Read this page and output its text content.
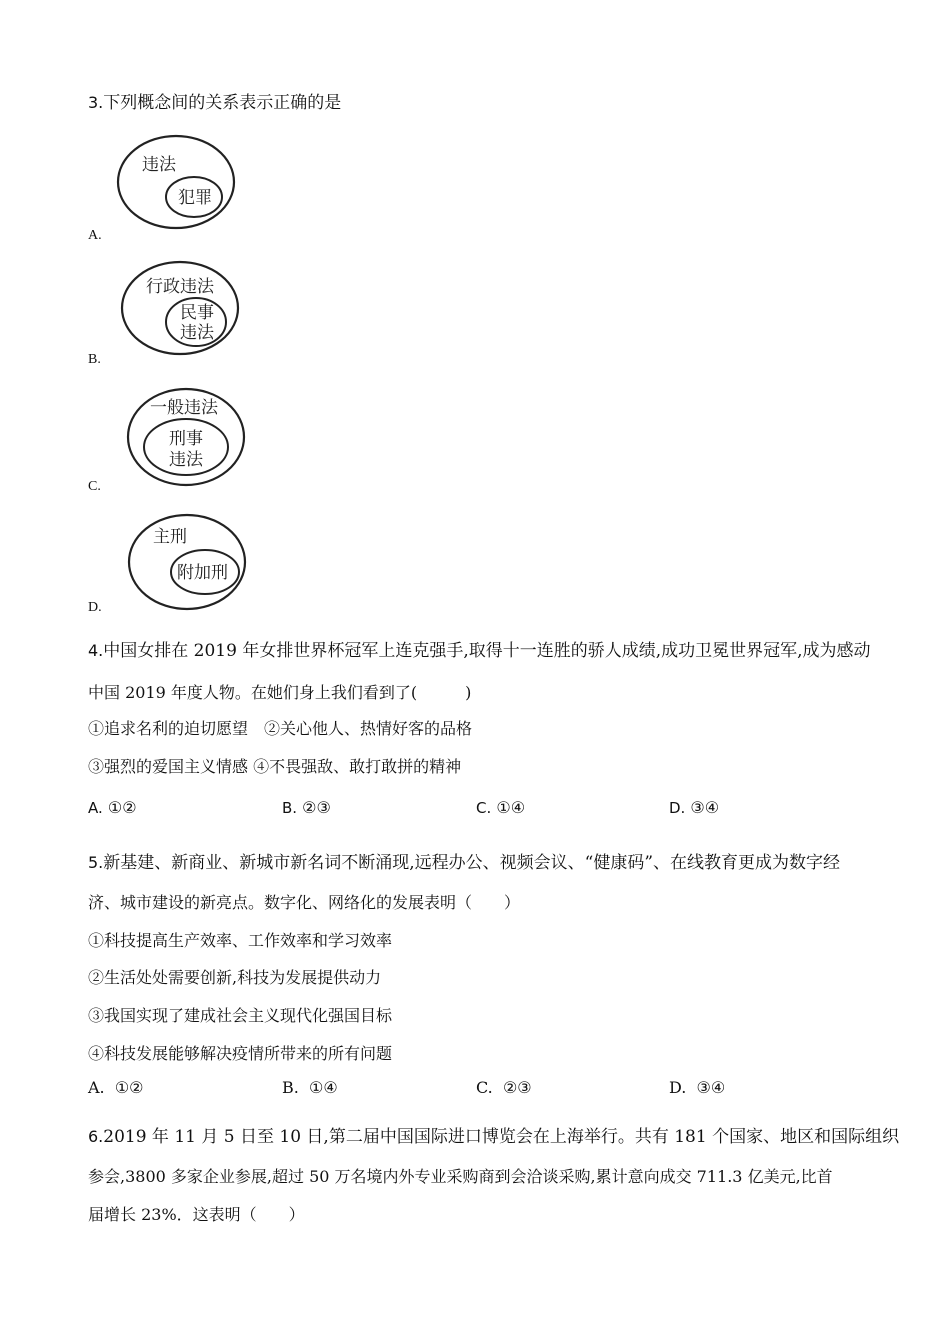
3.下列概念间的关系表示正确的是
违法
犯罪
A.
行政违法
民事
违法
B.
一般违法
刑事
违法
C.
主刑
附加刑
D.
4.中国女排在 2019 年女排世界杯冠军上连克强手,取得十一连胜的骄人成绩,成功卫冕世界冠军,成为感动
中国 2019 年度人物。在她们身上我们看到了(　　　)
①追求名利的迫切愿望　②关心他人、热情好客的品格
③强烈的爱国主义情感 ④不畏强敌、敢打敢拼的精神
A. ①②	B. ②③	C. ①④	D. ③④
5.新基建、新商业、新城市新名词不断涌现,远程办公、视频会议、“健康码”、在线教育更成为数字经
济、城市建设的新亮点。数字化、网络化的发展表明（　　）
①科技提高生产效率、工作效率和学习效率
②生活处处需要创新,科技为发展提供动力
③我国实现了建成社会主义现代化强国目标
④科技发展能够解决疫情所带来的所有问题
A. ①②	B. ①④	C. ②③	D. ③④
6.2019 年 11 月 5 日至 10 日,第二届中国国际进口博览会在上海举行。共有 181 个国家、地区和国际组织
参会,3800 多家企业参展,超过 50 万名境内外专业采购商到会洽谈采购,累计意向成交 711.3 亿美元,比首
届增长 23%．这表明（　　）
